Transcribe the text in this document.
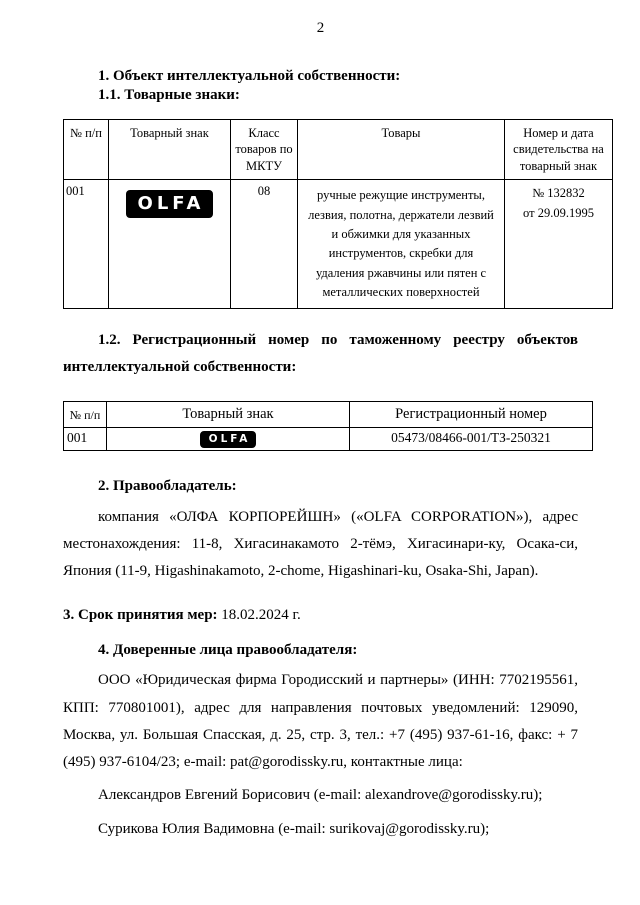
2

1. Объект интеллектуальной собственности:

1.1. Товарные знаки:

№ п/п	Товарный знак	Класс товаров по МКТУ	Товары	Номер и дата свидетельства на товарный знак
001	OLFA	08	ручные режущие инструменты, лезвия, полотна, держатели лезвий и обжимки для указанных инструментов, скребки для удаления ржавчины или пятен с металлических поверхностей	№ 132832
от 29.09.1995

1.2. Регистрационный номер по таможенному реестру объектов интеллектуальной собственности:

№ п/п	Товарный знак	Регистрационный номер
001	OLFA	05473/08466-001/ТЗ-250321

2. Правообладатель:

компания «ОЛФА КОРПОРЕЙШН» («OLFA CORPORATION»), адрес местонахождения: 11-8, Хигасинакамото 2-тёмэ, Хигасинари-ку, Осака-си, Япония (11-9, Higashinakamoto, 2-chome, Higashinari-ku, Osaka-Shi, Japan).

3. Срок принятия мер: 18.02.2024 г.

4. Доверенные лица правообладателя:

ООО «Юридическая фирма Городисский и партнеры» (ИНН: 7702195561, КПП: 770801001), адрес для направления почтовых уведомлений: 129090, Москва, ул. Большая Спасская, д. 25, стр. 3, тел.: +7 (495) 937-61-16, факс: + 7 (495) 937-6104/23; e-mail: pat@gorodissky.ru, контактные лица:

Александров Евгений Борисович (e-mail: alexandrove@gorodissky.ru);

Сурикова Юлия Вадимовна (e-mail: surikovaj@gorodissky.ru);
